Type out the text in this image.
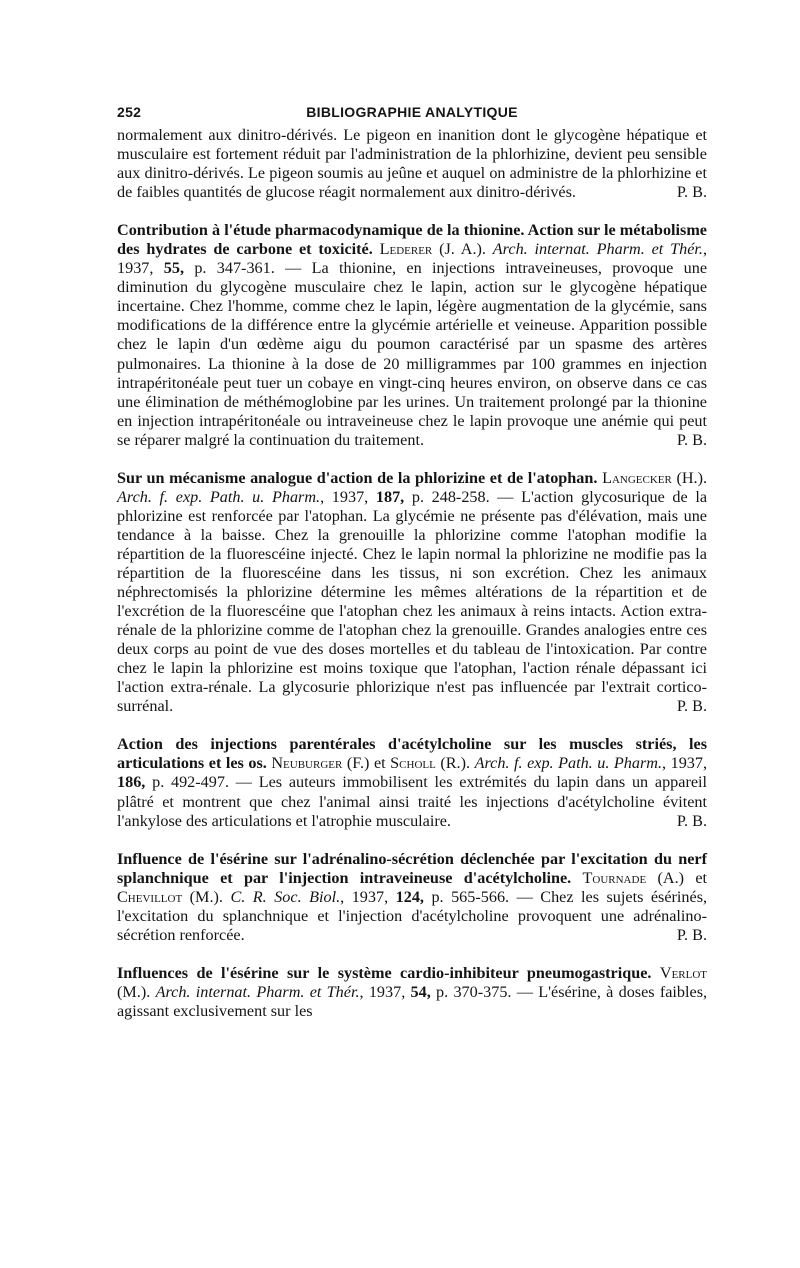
252	BIBLIOGRAPHIE ANALYTIQUE

normalement aux dinitro-dérivés. Le pigeon en inanition dont le glycogène hépatique et musculaire est fortement réduit par l'administration de la phlorhizine, devient peu sensible aux dinitro-dérivés. Le pigeon soumis au jeûne et auquel on administre de la phlorhizine et de faibles quantités de glucose réagit normalement aux dinitro-dérivés.	P. B.

Contribution à l'étude pharmacodynamique de la thionine. Action sur le métabolisme des hydrates de carbone et toxicité. Lederer (J. A.). Arch. internat. Pharm. et Thér., 1937, 55, p. 347-361. — La thionine, en injections intraveineuses, provoque une diminution du glycogène musculaire chez le lapin, action sur le glycogène hépatique incertaine. Chez l'homme, comme chez le lapin, légère augmentation de la glycémie, sans modifications de la différence entre la glycémie artérielle et veineuse. Apparition possible chez le lapin d'un œdème aigu du poumon caractérisé par un spasme des artères pulmonaires. La thionine à la dose de 20 milligrammes par 100 grammes en injection intrapéritonéale peut tuer un cobaye en vingt-cinq heures environ, on observe dans ce cas une élimination de méthémoglobine par les urines. Un traitement prolongé par la thionine en injection intrapéritonéale ou intraveineuse chez le lapin provoque une anémie qui peut se réparer malgré la continuation du traitement.	P. B.

Sur un mécanisme analogue d'action de la phlorizine et de l'atophan. Langecker (H.). Arch. f. exp. Path. u. Pharm., 1937, 187, p. 248-258. — L'action glycosurique de la phlorizine est renforcée par l'atophan. La glycémie ne présente pas d'élévation, mais une tendance à la baisse. Chez la grenouille la phlorizine comme l'atophan modifie la répartition de la fluorescéine injecté. Chez le lapin normal la phlorizine ne modifie pas la répartition de la fluorescéine dans les tissus, ni son excrétion. Chez les animaux néphrectomisés la phlorizine détermine les mêmes altérations de la répartition et de l'excrétion de la fluorescéine que l'atophan chez les animaux à reins intacts. Action extra-rénale de la phlorizine comme de l'atophan chez la grenouille. Grandes analogies entre ces deux corps au point de vue des doses mortelles et du tableau de l'intoxication. Par contre chez le lapin la phlorizine est moins toxique que l'atophan, l'action rénale dépassant ici l'action extra-rénale. La glycosurie phlorizique n'est pas influencée par l'extrait cortico-surrénal.	P. B.

Action des injections parentérales d'acétylcholine sur les muscles striés, les articulations et les os. Neuburger (F.) et Scholl (R.). Arch. f. exp. Path. u. Pharm., 1937, 186, p. 492-497. — Les auteurs immobilisent les extrémités du lapin dans un appareil plâtré et montrent que chez l'animal ainsi traité les injections d'acétylcholine évitent l'ankylose des articulations et l'atrophie musculaire.	P. B.

Influence de l'ésérine sur l'adrénalino-sécrétion déclenchée par l'excitation du nerf splanchnique et par l'injection intraveineuse d'acétylcholine. Tournade (A.) et Chevillot (M.). C. R. Soc. Biol., 1937, 124, p. 565-566. — Chez les sujets ésérinés, l'excitation du splanchnique et l'injection d'acétylcholine provoquent une adrénalino-sécrétion renforcée.	P. B.

Influences de l'ésérine sur le système cardio-inhibiteur pneumogastrique. Verlot (M.). Arch. internat. Pharm. et Thér., 1937, 54, p. 370-375. — L'ésérine, à doses faibles, agissant exclusivement sur les
